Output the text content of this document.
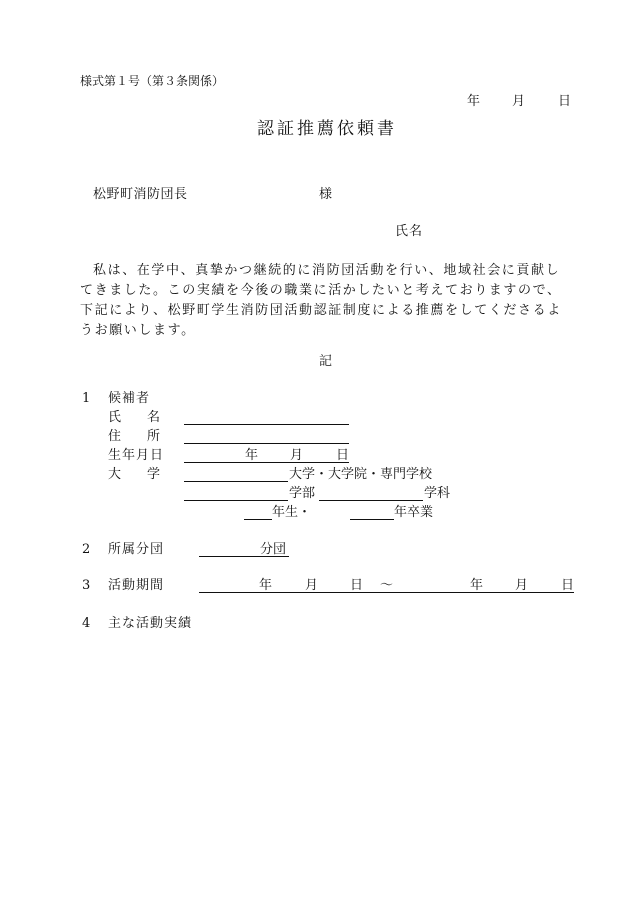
様式第１号（第３条関係）
年 月	日
認証推薦依頼書
松野町消防団長	様
氏名
私は、在学中、真摯かつ継続的に消防団活動を行い、地域社会に貢献してきました。この実績を今後の職業に活かしたいと考えておりますので、下記により、松野町学生消防団活動認証制度による推薦をしてくださるようお願いします。
記
1 候補者
氏　　名
住　　所
生年月日	年 月	日
大　　学	大学・大学院・専門学校
学部	学科
年生・	年卒業
2 所属分団	分団
3 活動期間	年	月 日 ～	年 月	日
4 主な活動実績
